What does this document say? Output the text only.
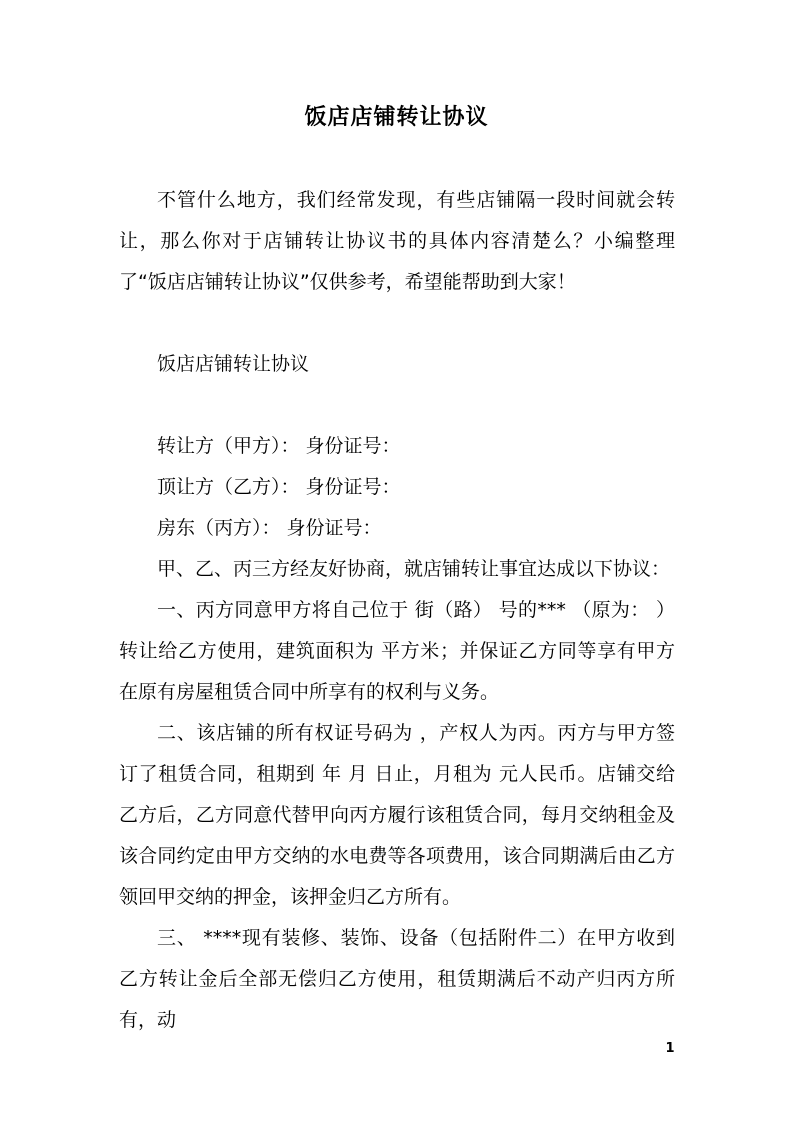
饭店店铺转让协议

不管什么地方，我们经常发现，有些店铺隔一段时间就会转让，那么你对于店铺转让协议书的具体内容清楚么？小编整理了“饭店店铺转让协议”仅供参考，希望能帮助到大家！

饭店店铺转让协议

转让方（甲方）： 身份证号：

顶让方（乙方）： 身份证号：

房东（丙方）： 身份证号：

甲、乙、丙三方经友好协商，就店铺转让事宜达成以下协议：

一、丙方同意甲方将自己位于 街（路） 号的*** （原为： ）转让给乙方使用，建筑面积为 平方米；并保证乙方同等享有甲方在原有房屋租赁合同中所享有的权利与义务。

二、该店铺的所有权证号码为 ，产权人为丙。丙方与甲方签订了租赁合同，租期到 年 月 日止，月租为 元人民币。店铺交给乙方后，乙方同意代替甲向丙方履行该租赁合同，每月交纳租金及该合同约定由甲方交纳的水电费等各项费用，该合同期满后由乙方领回甲交纳的押金，该押金归乙方所有。

三、 ****现有装修、装饰、设备（包括附件二）在甲方收到乙方转让金后全部无偿归乙方使用，租赁期满后不动产归丙方所有，动

1
